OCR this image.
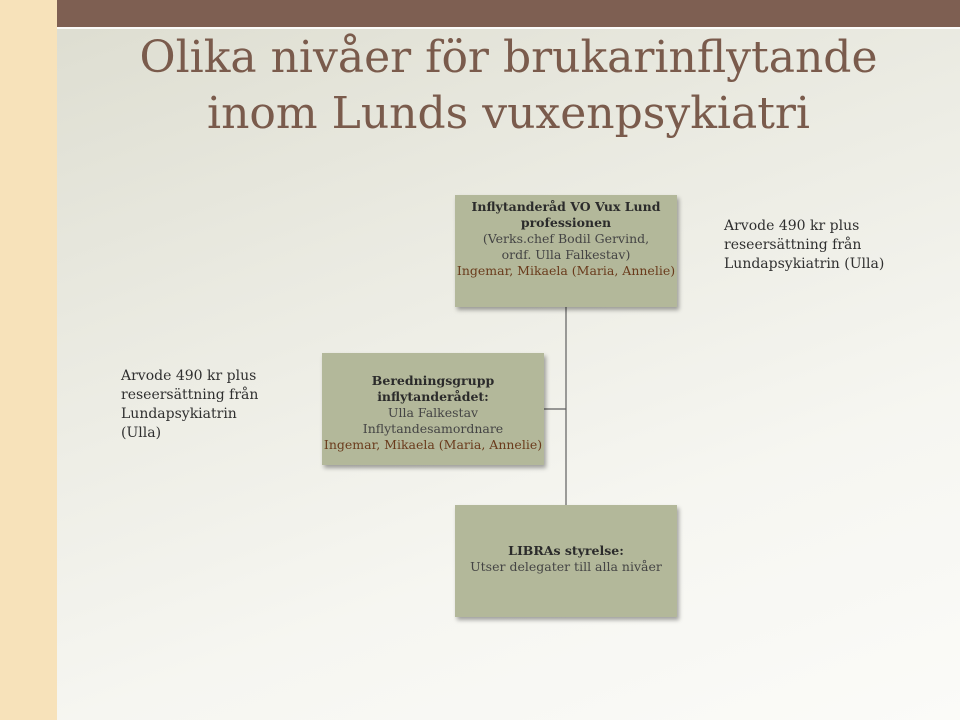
Olika nivåer för brukarinflytande
inom Lunds vuxenpsykiatri
Inflytanderåd VO Vux Lund
professionen
(Verks.chef Bodil Gervind,
ordf. Ulla Falkestav)
Ingemar, Mikaela (Maria, Annelie)
Beredningsgrupp
inflytanderådet:
Ulla Falkestav Inflytandesamordnare
Ingemar, Mikaela (Maria, Annelie)
LIBRAs styrelse:
Utser delegater till alla nivåer
Arvode 490 kr plus
reseersättning från
Lundapsykiatrin (Ulla)
Arvode 490 kr plus
reseersättning från
Lundapsykiatrin
(Ulla)
